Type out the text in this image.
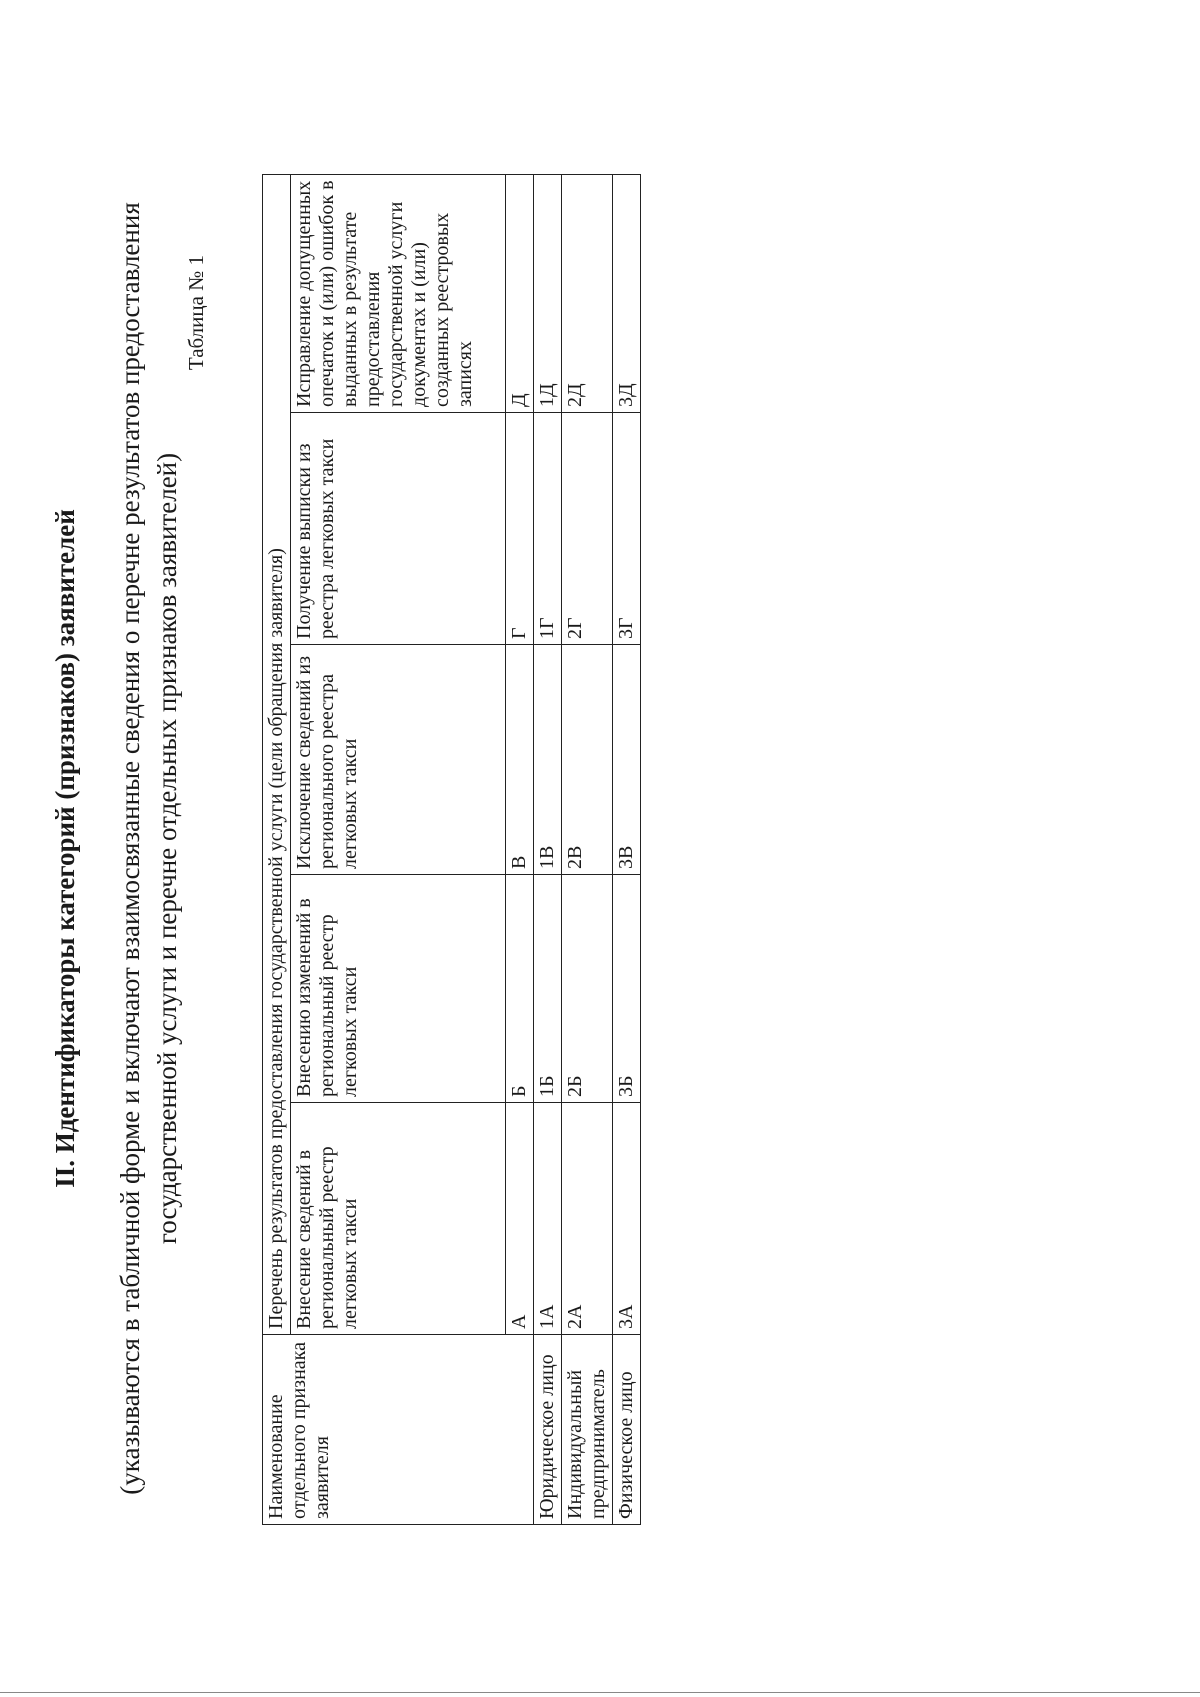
II. Идентификаторы категорий (признаков) заявителей (указываются в табличной форме и включают взаимосвязанные сведения о перечне результатов предоставления государственной услуги и перечне отдельных признаков заявителей)
Таблица № 1
Наименование отдельного признака заявителя	Перечень результатов предоставления государственной услуги (цели обращения заявителя)				
	Внесение сведений в региональный реестр легковых такси	Внесению изменений в региональный реестр легковых такси	Исключение сведений из регионального реестра легковых такси	Получение выписки из реестра легковых такси	Исправление допущенных опечаток и (или) ошибок в выданных в результате предоставления государственной услуги документах и (или) созданных реестровых записях
	А	Б	В	Г	Д
Юридическое лицо	1А	1Б	1В	1Г	1Д
Индивидуальный предприниматель	2А	2Б	2В	2Г	2Д
Физическое лицо	3А	3Б	3В	3Г	3Д
